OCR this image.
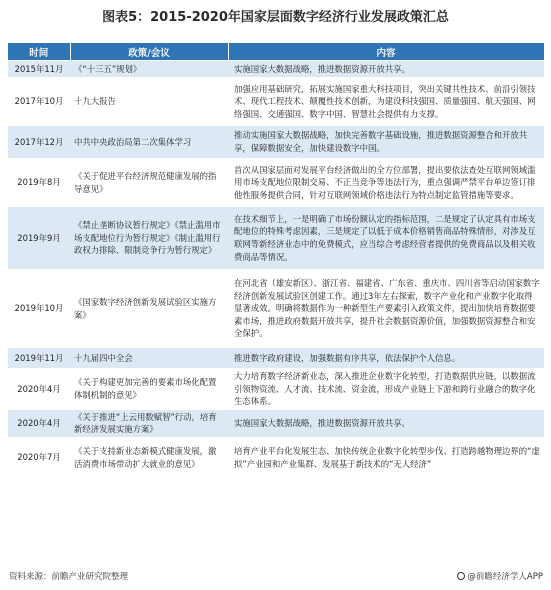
图表5：2015-2020年国家层面数字经济行业发展政策汇总
时间	政策/会议	内容
2015年11月	《“十三五”规划》	实施国家大数据战略，推进数据资源开放共享。
2017年10月	十九大报告	加强应用基础研究，拓展实施国家重大科技项目，突出关键共性技术、前沿引领技术、现代工程技术、颠覆性技术创新，为建设科技强国、质量强国、航天强国、网络强国、交通强国、数字中国、智慧社会提供有力支撑。
2017年12月	中共中央政治局第二次集体学习	推动实施国家大数据战略，加快完善数字基础设施，推进数据资源整合和开放共享，保障数据安全，加快建设数字中国。
2019年8月	《关于促进平台经济规范健康发展的指导意见》	首次从国家层面对发展平台经济做出的全方位部署，提出要依法查处互联网领域滥用市场支配地位限制交易、不正当竞争等违法行为，重点强调严禁平台单边签订排他性服务提供合同，针对互联网领域价格违法行为特点制定监管措施等要求。
2019年9月	《禁止垄断协议暂行规定》《禁止滥用市场支配地位行为暂行规定》《制止滥用行政权力排除、限制竞争行为暂行规定》	在技术细节上，一是明确了市场份额认定的指标范围，二是规定了认定具有市场支配地位的特殊考虑因素，三是规定了以低于成本价格销售商品特殊情形，对涉及互联网等新经济业态中的免费模式，应当综合考虑经营者提供的免费商品以及相关收费商品等情况。
2019年10月	《国家数字经济创新发展试验区实施方案》	在河北省（雄安新区）、浙江省、福建省、广东省、重庆市、四川省等启动国家数字经济创新发展试验区创建工作。通过3年左右探索，数字产业化和产业数字化取得显著成效。明确将数据作为一种新型生产要素引入政策文件，提出加快培育数据要素市场，推进政府数据开放共享，提升社会数据资源价值，加强数据资源整合和安全保护。
2019年11月	十九届四中全会	推进数字政府建设，加强数据有序共享，依法保护个人信息。
2020年4月	《关于构建更加完善的要素市场化配置体制机制的意见》	大力培育数字经济新业态，深入推进企业数字化转型，打造数据供应链，以数据流引领物资流、人才流、技术流、资金流，形成产业链上下游和跨行业融合的数字化生态体系。
2020年4月	《关于推进“上云用数赋智”行动，培育新经济发展实施方案》	实施国家大数据战略，推进数据资源开放共享。
2020年7月	《关于支持新业态新模式健康发展，激活消费市场带动扩大就业的意见》	培育产业平台化发展生态、加快传统企业数字化转型步伐、打造跨越物理边界的“虚拟”产业园和产业集群、发展基于新技术的“无人经济”
资料来源：前瞻产业研究院整理	@前瞻经济学人APP
